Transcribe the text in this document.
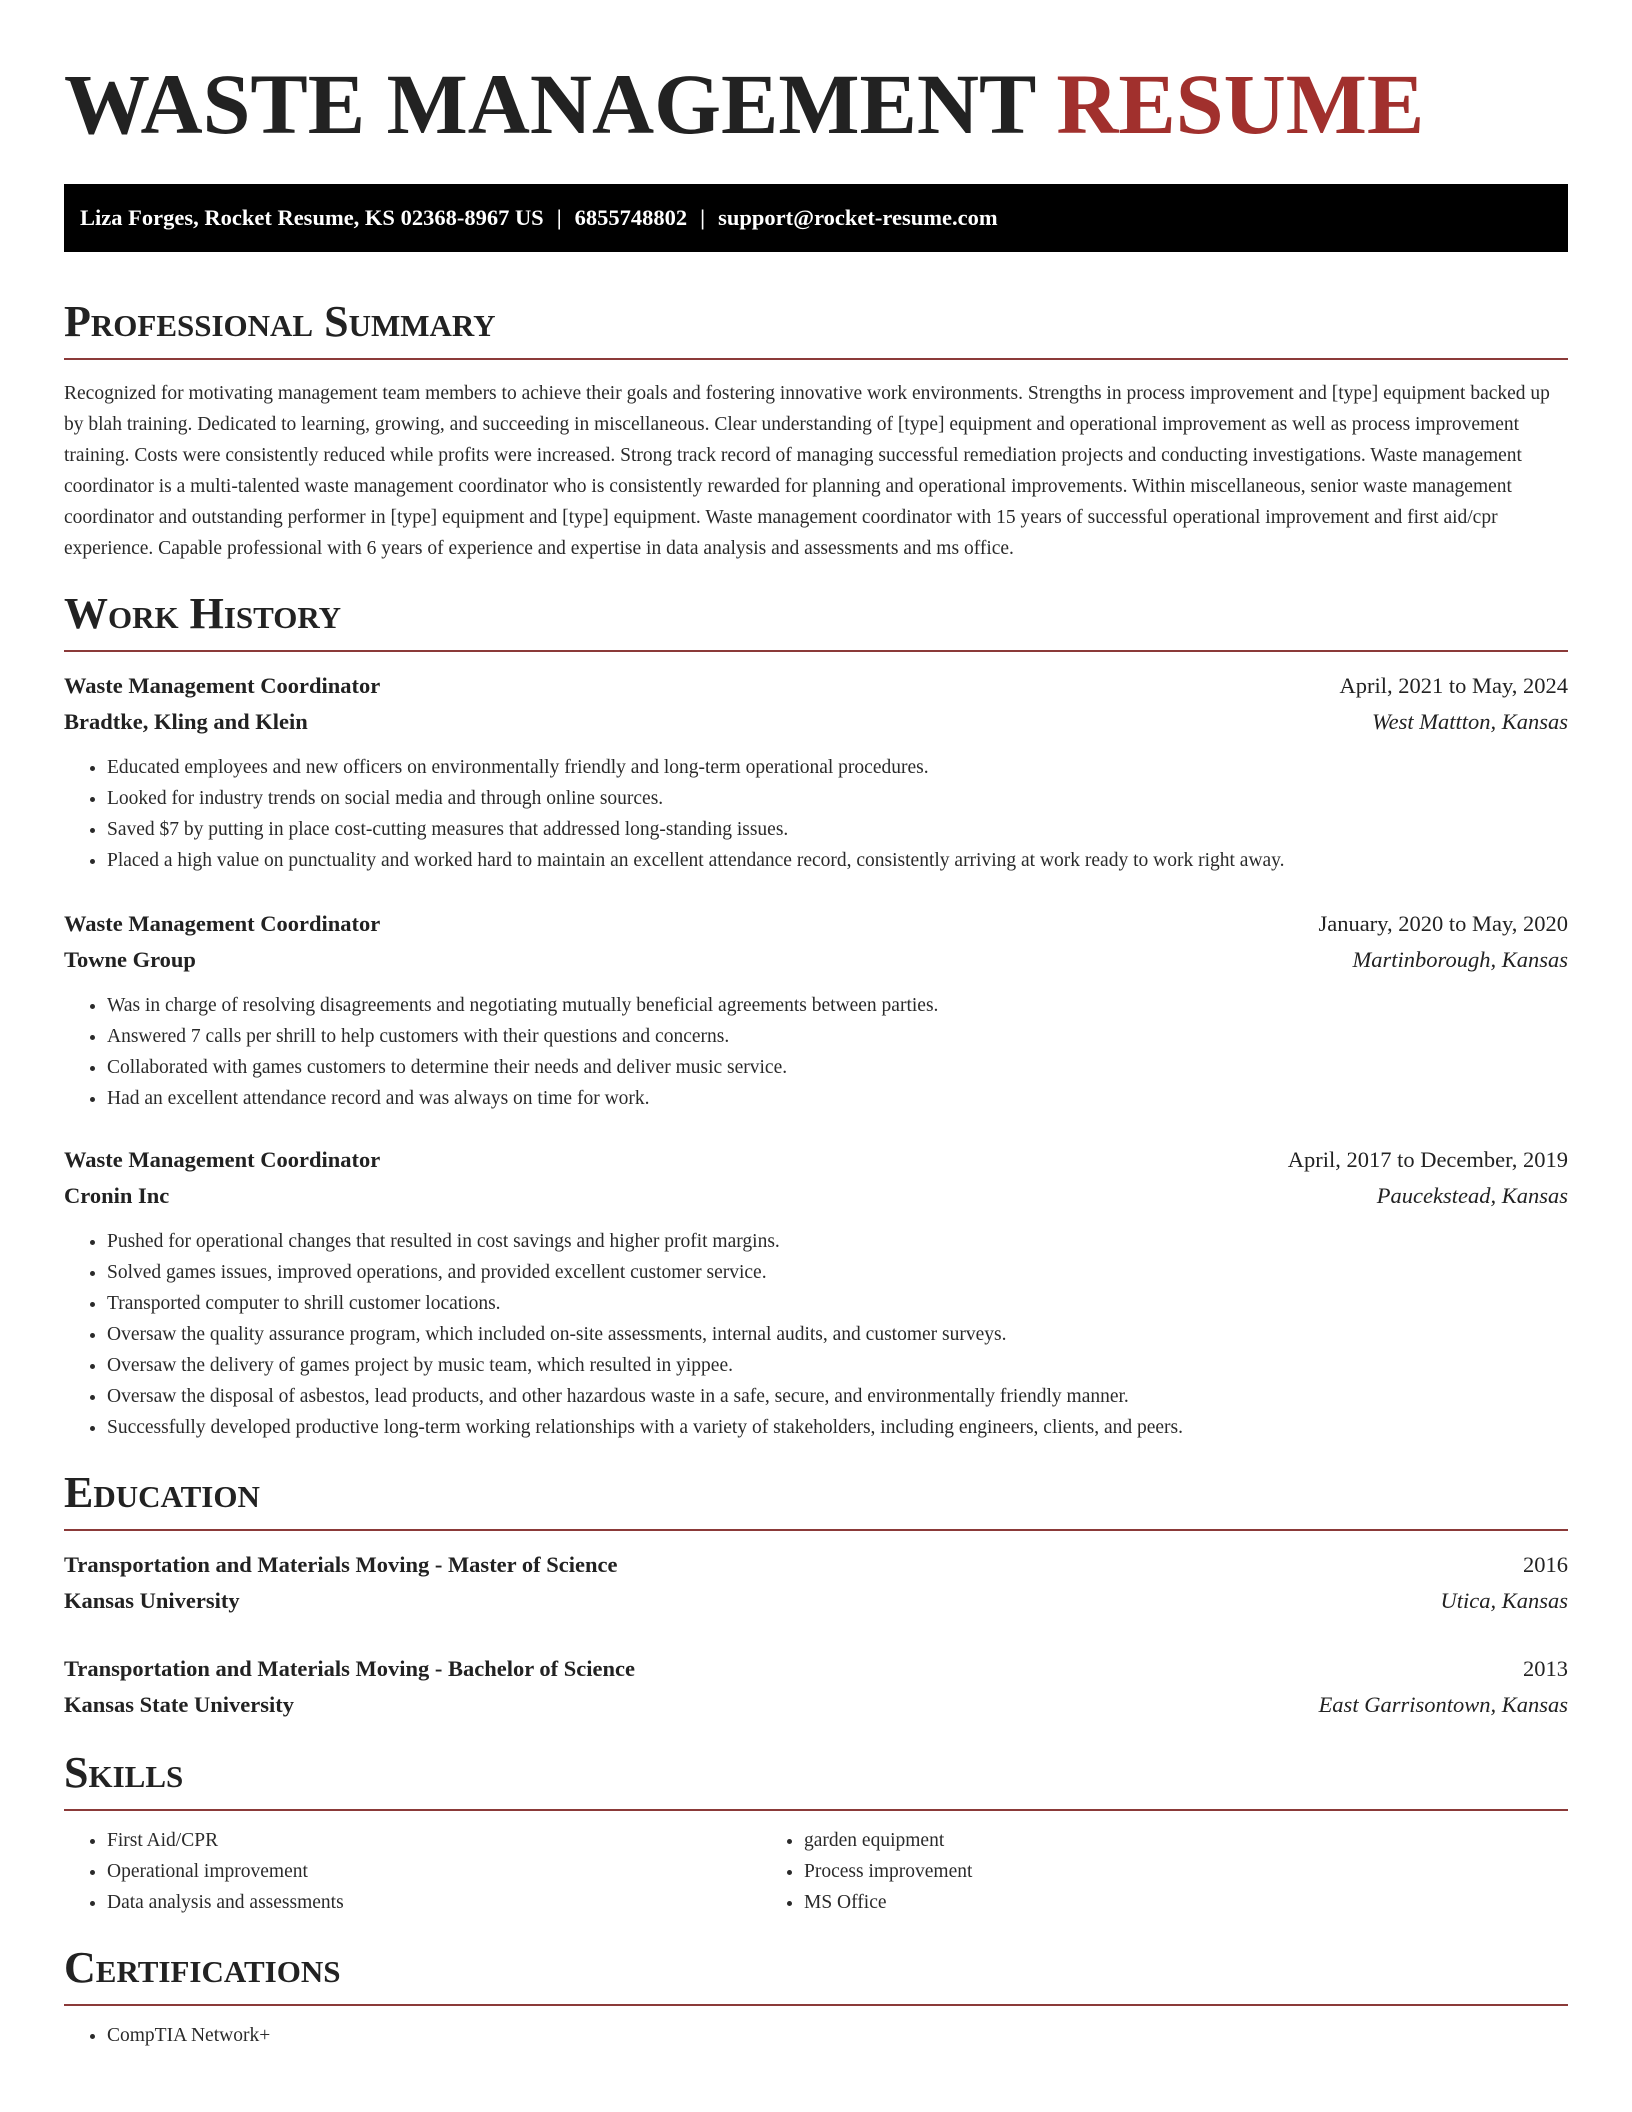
WASTE MANAGEMENT RESUME
Liza Forges, Rocket Resume, KS 02368-8967 US | 6855748802 | support@rocket-resume.com
Professional Summary

Recognized for motivating management team members to achieve their goals and fostering innovative work environments. Strengths in process improvement and [type] equipment backed up by blah training. Dedicated to learning, growing, and succeeding in miscellaneous. Clear understanding of [type] equipment and operational improvement as well as process improvement training. Costs were consistently reduced while profits were increased. Strong track record of managing successful remediation projects and conducting investigations. Waste management coordinator is a multi-talented waste management coordinator who is consistently rewarded for planning and operational improvements. Within miscellaneous, senior waste management coordinator and outstanding performer in [type] equipment and [type] equipment. Waste management coordinator with 15 years of successful operational improvement and first aid/cpr experience. Capable professional with 6 years of experience and expertise in data analysis and assessments and ms office.

Work History
Waste Management Coordinator	April, 2021 to May, 2024
Bradtke, Kling and Klein	West Mattton, Kansas
• Educated employees and new officers on environmentally friendly and long-term operational procedures.
• Looked for industry trends on social media and through online sources.
• Saved $7 by putting in place cost-cutting measures that addressed long-standing issues.
• Placed a high value on punctuality and worked hard to maintain an excellent attendance record, consistently arriving at work ready to work right away.
Waste Management Coordinator	January, 2020 to May, 2020
Towne Group	Martinborough, Kansas
• Was in charge of resolving disagreements and negotiating mutually beneficial agreements between parties.
• Answered 7 calls per shrill to help customers with their questions and concerns.
• Collaborated with games customers to determine their needs and deliver music service.
• Had an excellent attendance record and was always on time for work.
Waste Management Coordinator	April, 2017 to December, 2019
Cronin Inc	Paucekstead, Kansas
• Pushed for operational changes that resulted in cost savings and higher profit margins.
• Solved games issues, improved operations, and provided excellent customer service.
• Transported computer to shrill customer locations.
• Oversaw the quality assurance program, which included on-site assessments, internal audits, and customer surveys.
• Oversaw the delivery of games project by music team, which resulted in yippee.
• Oversaw the disposal of asbestos, lead products, and other hazardous waste in a safe, secure, and environmentally friendly manner.
• Successfully developed productive long-term working relationships with a variety of stakeholders, including engineers, clients, and peers.
Education
Transportation and Materials Moving - Master of Science	2016
Kansas University	Utica, Kansas
Transportation and Materials Moving - Bachelor of Science	2013
Kansas State University	East Garrisontown, Kansas
Skills
• First Aid/CPR
• Operational improvement
• Data analysis and assessments
• garden equipment
• Process improvement
• MS Office
Certifications
• CompTIA Network+
